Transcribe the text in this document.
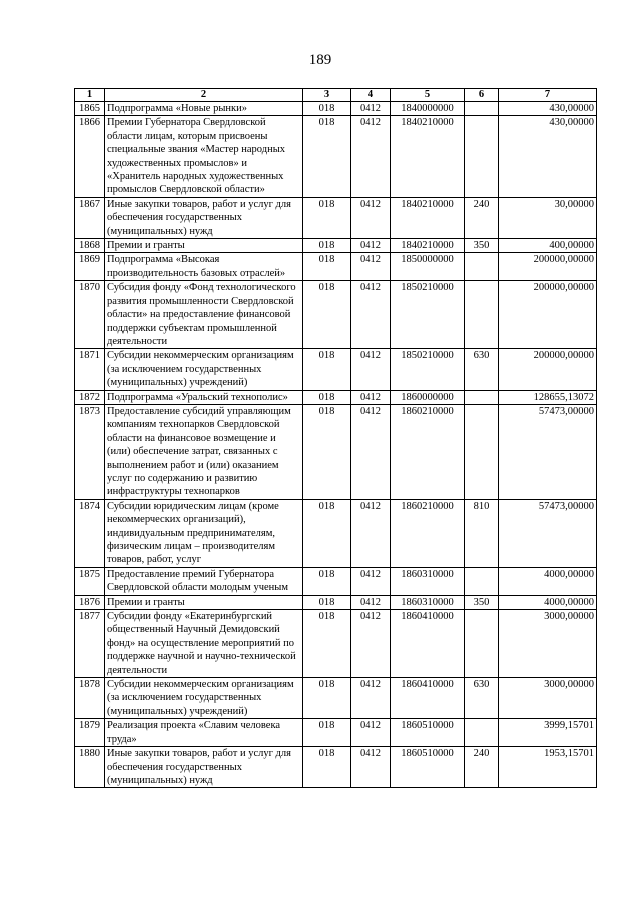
189
1	2	3	4	5	6	7
1865	Подпрограмма «Новые рынки»	018	0412	1840000000		430,00000
1866	Премии Губернатора Свердловской области лицам, которым присвоены специальные звания «Мастер народных художественных промыслов» и «Хранитель народных художественных промыслов Свердловской области»	018	0412	1840210000		430,00000
1867	Иные закупки товаров, работ и услуг для обеспечения государственных (муниципальных) нужд	018	0412	1840210000	240	30,00000
1868	Премии и гранты	018	0412	1840210000	350	400,00000
1869	Подпрограмма «Высокая производительность базовых отраслей»	018	0412	1850000000		200000,00000
1870	Субсидия фонду «Фонд технологического развития промышленности Свердловской области» на предоставление финансовой поддержки субъектам промышленной деятельности	018	0412	1850210000		200000,00000
1871	Субсидии некоммерческим организациям (за исключением государственных (муниципальных) учреждений)	018	0412	1850210000	630	200000,00000
1872	Подпрограмма «Уральский технополис»	018	0412	1860000000		128655,13072
1873	Предоставление субсидий управляющим компаниям технопарков Свердловской области на финансовое возмещение и (или) обеспечение затрат, связанных с выполнением работ и (или) оказанием услуг по содержанию и развитию инфраструктуры технопарков	018	0412	1860210000		57473,00000
1874	Субсидии юридическим лицам (кроме некоммерческих организаций), индивидуальным предпринимателям, физическим лицам – производителям товаров, работ, услуг	018	0412	1860210000	810	57473,00000
1875	Предоставление премий Губернатора Свердловской области молодым ученым	018	0412	1860310000		4000,00000
1876	Премии и гранты	018	0412	1860310000	350	4000,00000
1877	Субсидии фонду «Екатеринбургский общественный Научный Демидовский фонд» на осуществление мероприятий по поддержке научной и научно-технической деятельности	018	0412	1860410000		3000,00000
1878	Субсидии некоммерческим организациям (за исключением государственных (муниципальных) учреждений)	018	0412	1860410000	630	3000,00000
1879	Реализация проекта «Славим человека труда»	018	0412	1860510000		3999,15701
1880	Иные закупки товаров, работ и услуг для обеспечения государственных (муниципальных) нужд	018	0412	1860510000	240	1953,15701
